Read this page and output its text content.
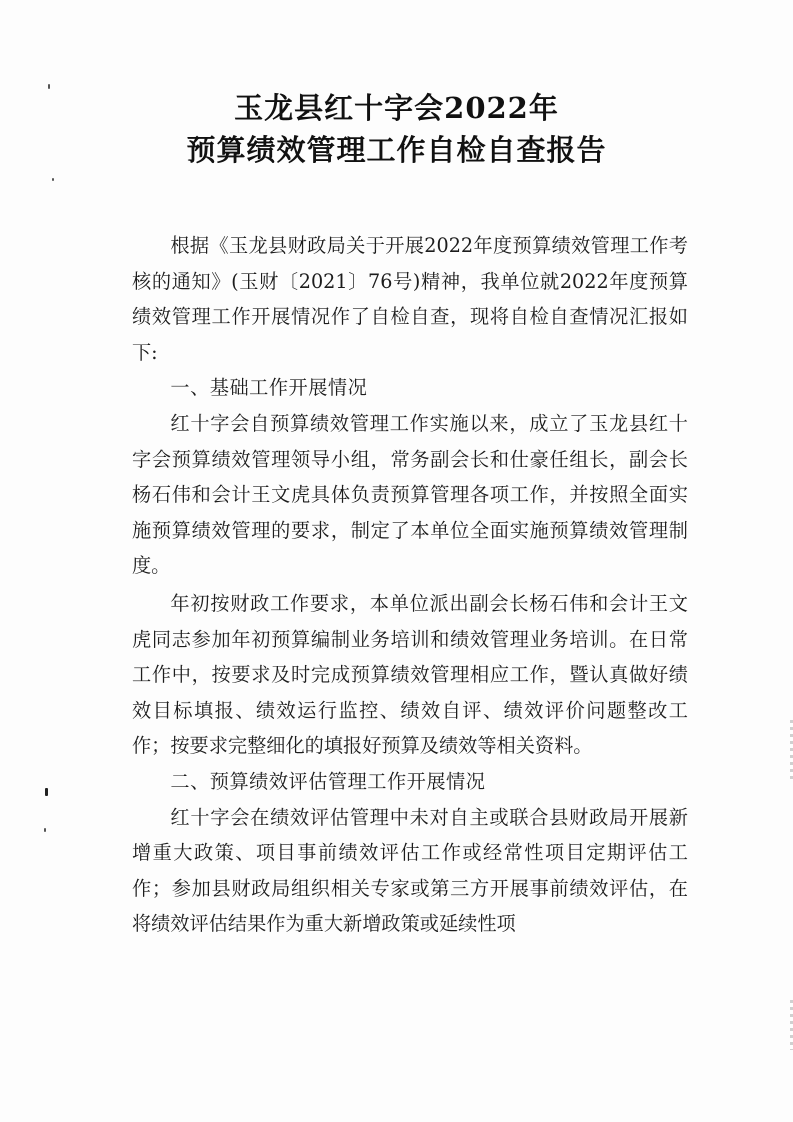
玉龙县红十字会2022年
预算绩效管理工作自检自查报告

根据《玉龙县财政局关于开展2022年度预算绩效管理工作考核的通知》(玉财〔2021〕76号)精神，我单位就2022年度预算绩效管理工作开展情况作了自检自查，现将自检自查情况汇报如下:

一、基础工作开展情况

红十字会自预算绩效管理工作实施以来，成立了玉龙县红十字会预算绩效管理领导小组，常务副会长和仕豪任组长，副会长杨石伟和会计王文虎具体负责预算管理各项工作，并按照全面实施预算绩效管理的要求，制定了本单位全面实施预算绩效管理制度。

年初按财政工作要求，本单位派出副会长杨石伟和会计王文虎同志参加年初预算编制业务培训和绩效管理业务培训。在日常工作中，按要求及时完成预算绩效管理相应工作，暨认真做好绩效目标填报、绩效运行监控、绩效自评、绩效评价问题整改工作；按要求完整细化的填报好预算及绩效等相关资料。

二、预算绩效评估管理工作开展情况

红十字会在绩效评估管理中未对自主或联合县财政局开展新增重大政策、项目事前绩效评估工作或经常性项目定期评估工作；参加县财政局组织相关专家或第三方开展事前绩效评估，在将绩效评估结果作为重大新增政策或延续性项
